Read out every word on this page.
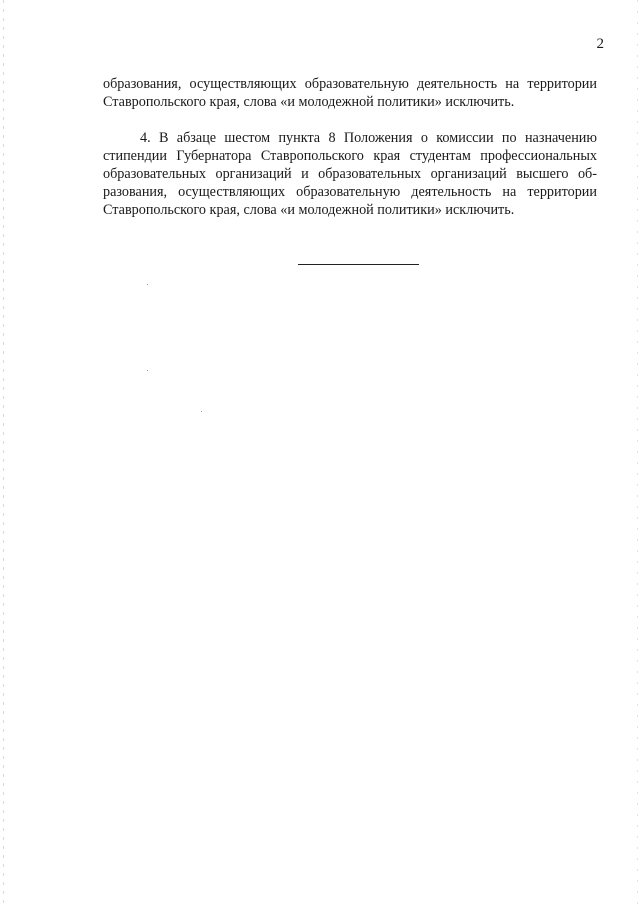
2
образования, осуществляющих образовательную деятельность на территории
Ставропольского края, слова «и молодежной политики» исключить.
4. В абзаце шестом пункта 8 Положения о комиссии по назначению
стипендии Губернатора Ставропольского края студентам профессиональных
образовательных организаций и образовательных организаций высшего об-
разования, осуществляющих образовательную деятельность на территории
Ставропольского края, слова «и молодежной политики» исключить.
